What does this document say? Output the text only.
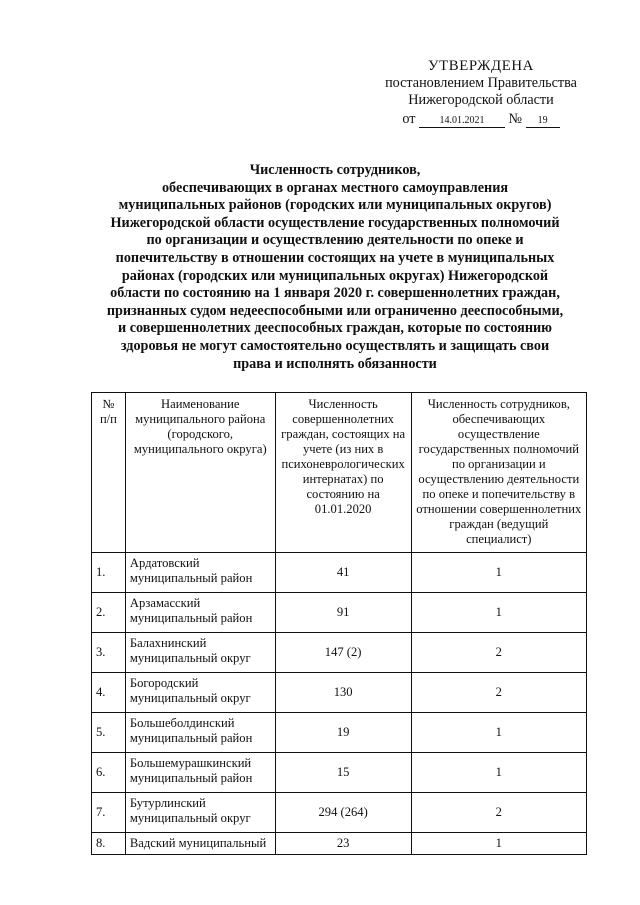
УТВЕРЖДЕНА
постановлением Правительства
Нижегородской области
от 14.01.2021 № 19
Численность сотрудников,
обеспечивающих в органах местного самоуправления
муниципальных районов (городских или муниципальных округов)
Нижегородской области осуществление государственных полномочий
по организации и осуществлению деятельности по опеке и
попечительству в отношении состоящих на учете в муниципальных
районах (городских или муниципальных округах) Нижегородской
области по состоянию на 1 января 2020 г. совершеннолетних граждан,
признанных судом недееспособными или ограниченно дееспособными,
и совершеннолетних дееспособных граждан, которые по состоянию
здоровья не могут самостоятельно осуществлять и защищать свои
права и исполнять обязанности
№ п/п	Наименование муниципального района (городского, муниципального округа)	Численность совершеннолетних граждан, состоящих на учете (из них в психоневрологических интернатах) по состоянию на 01.01.2020	Численность сотрудников, обеспечивающих осуществление государственных полномочий по организации и осуществлению деятельности по опеке и попечительству в отношении совершеннолетних граждан (ведущий специалист)
1.	Ардатовский муниципальный район	41	1
2.	Арзамасский муниципальный район	91	1
3.	Балахнинский муниципальный округ	147 (2)	2
4.	Богородский муниципальный округ	130	2
5.	Большеболдинский муниципальный район	19	1
6.	Большемурашкинский муниципальный район	15	1
7.	Бутурлинский муниципальный округ	294 (264)	2
8.	Вадский муниципальный	23	1
